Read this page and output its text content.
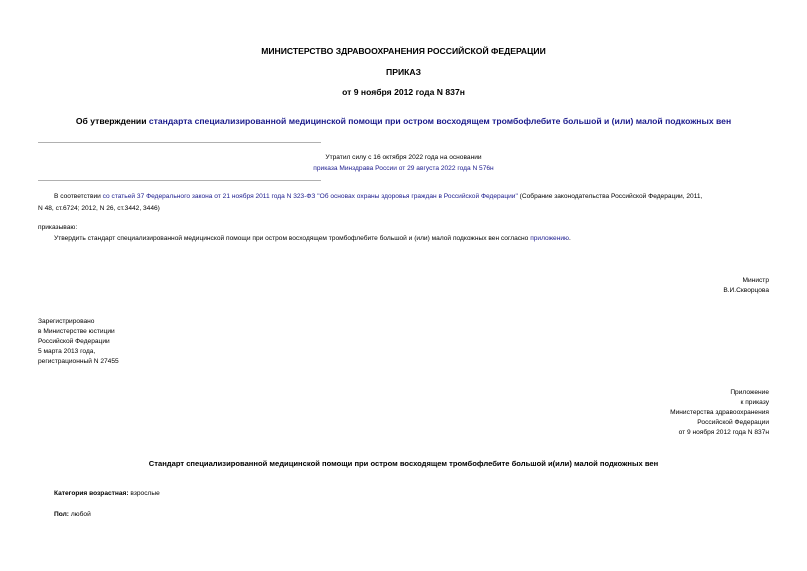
МИНИСТЕРСТВО ЗДРАВООХРАНЕНИЯ РОССИЙСКОЙ ФЕДЕРАЦИИ
ПРИКАЗ
от 9 ноября 2012 года N 837н
Об утверждении стандарта специализированной медицинской помощи при остром восходящем тромбофлебите большой и (или) малой подкожных вен
Утратил силу с 16 октября 2022 года на основании
приказа Минздрава России от 29 августа 2022 года N 576н
В соответствии со статьей 37 Федерального закона от 21 ноября 2011 года N 323-ФЗ "Об основах охраны здоровья граждан в Российской Федерации" (Собрание законодательства Российской Федерации, 2011,
N 48, ст.6724; 2012, N 26, ст.3442, 3446)
приказываю:
Утвердить стандарт специализированной медицинской помощи при остром восходящем тромбофлебите большой и (или) малой подкожных вен согласно приложению.
Министр
В.И.Скворцова
Зарегистрировано
в Министерстве юстиции
Российской Федерации
5 марта 2013 года,
регистрационный N 27455
Приложение
к приказу
Министерства здравоохранения
Российской Федерации
от 9 ноября 2012 года N 837н
Стандарт специализированной медицинской помощи при остром восходящем тромбофлебите большой и(или) малой подкожных вен
Категория возрастная: взрослые
Пол: любой
